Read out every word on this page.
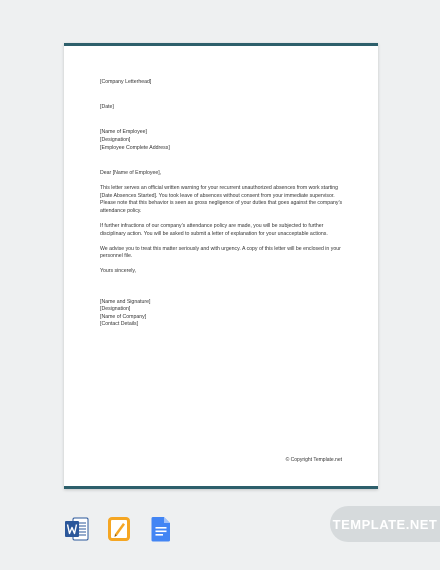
[Company Letterhead]

[Date]

[Name of Employee]
[Designation]
[Employee Complete Address]

Dear [Name of Employee],

This letter serves an official written warning for your recurrent unauthorized absences from work starting [Date Absences Started]. You took leave of absences without consent from your immediate supervisor. Please note that this behavior is seen as gross negligence of your duties that goes against the company’s attendance policy.

If further infractions of our company’s attendance policy are made, you will be subjected to further disciplinary action. You will be asked to submit a letter of explanation for your unacceptable actions.

We advise you to treat this matter seriously and with urgency. A copy of this letter will be enclosed in your personnel file.

Yours sincerely,

[Name and Signature]
[Designation]
[Name of Company]
[Contact Details]

© Copyright Template.net
TEMPLATE.NET
